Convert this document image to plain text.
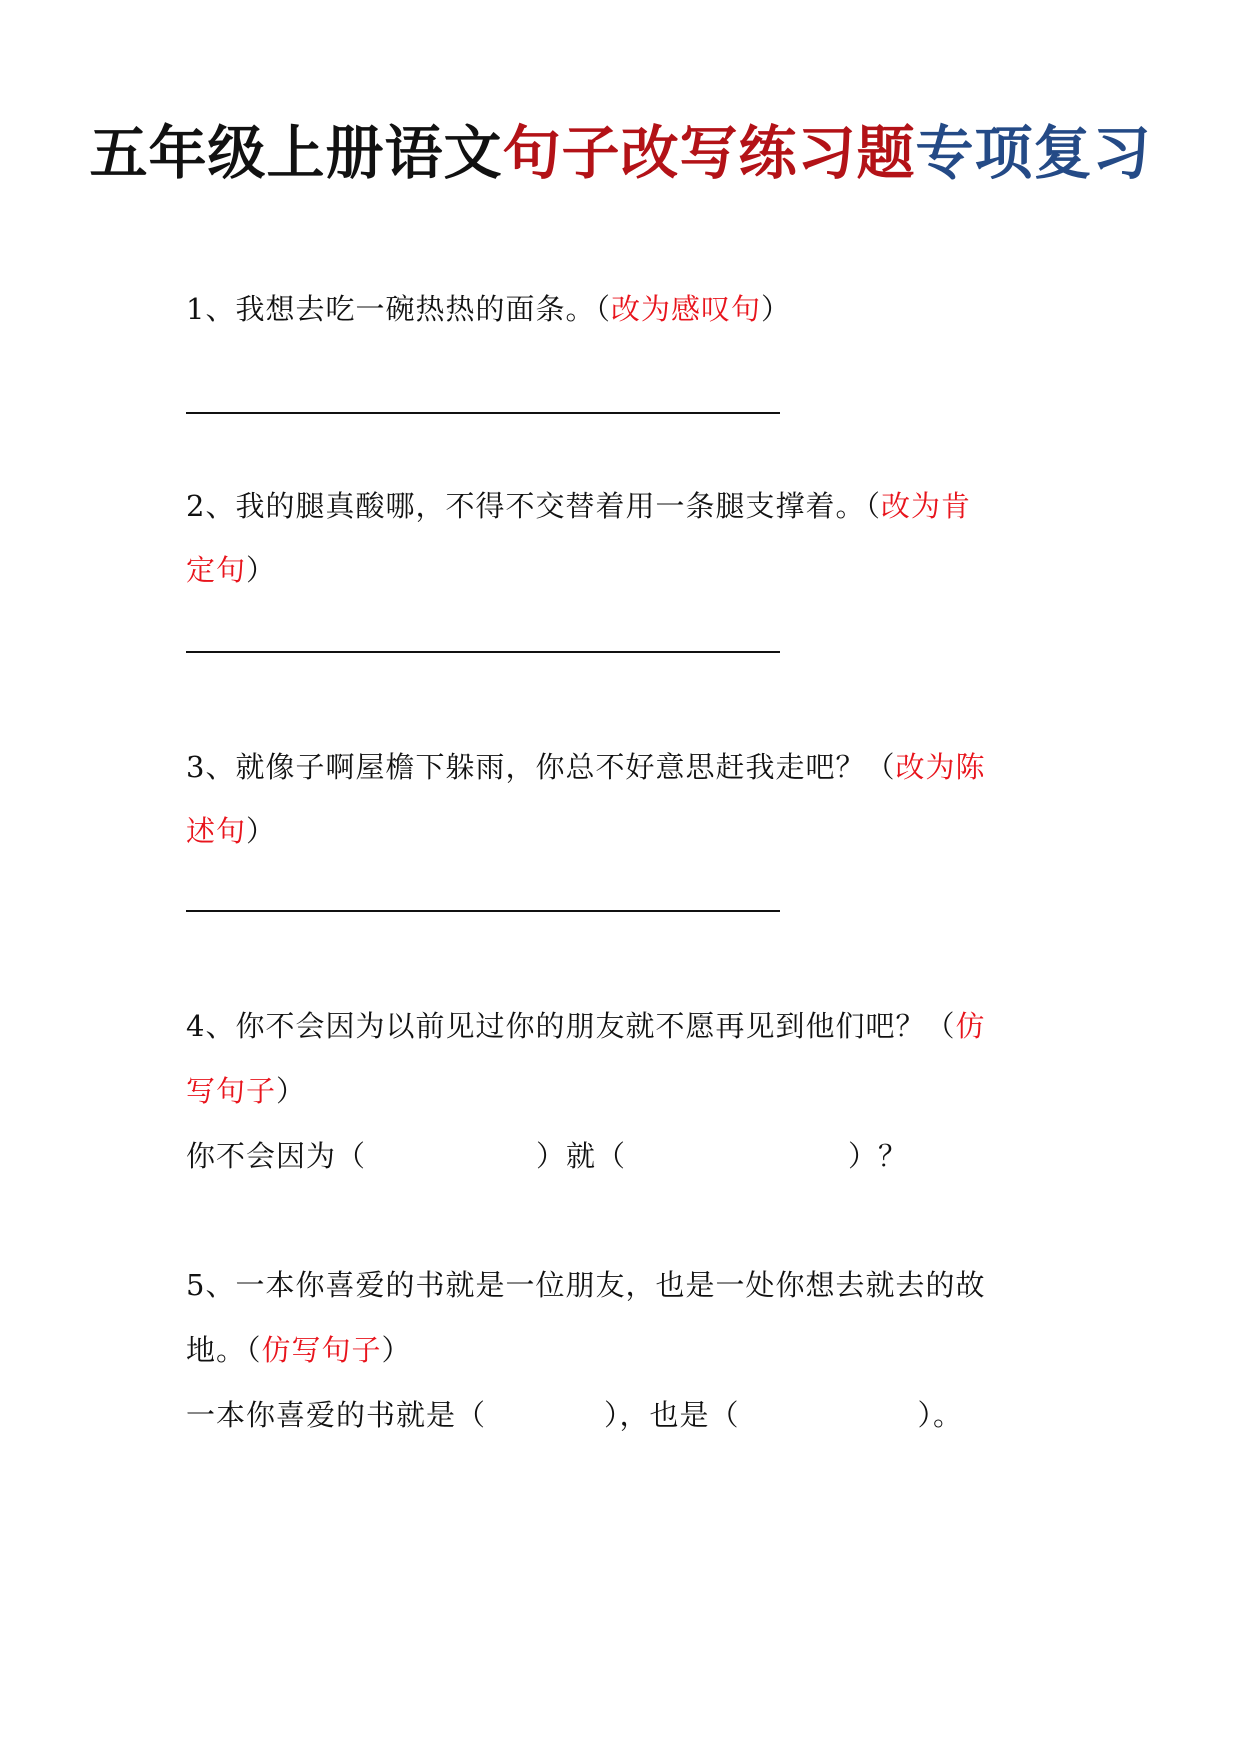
五年级上册语文句子改写练习题专项复习
1、我想去吃一碗热热的面条。（改为感叹句）
2、我的腿真酸哪，不得不交替着用一条腿支撑着。（改为肯
定句）
3、就像子啊屋檐下躲雨，你总不好意思赶我走吧？（改为陈
述句）
4、你不会因为以前见过你的朋友就不愿再见到他们吧？（仿
写句子）
你不会因为（	）就（	）？
5、一本你喜爱的书就是一位朋友，也是一处你想去就去的故
地。（仿写句子）
一本你喜爱的书就是（	），也是（	）。
